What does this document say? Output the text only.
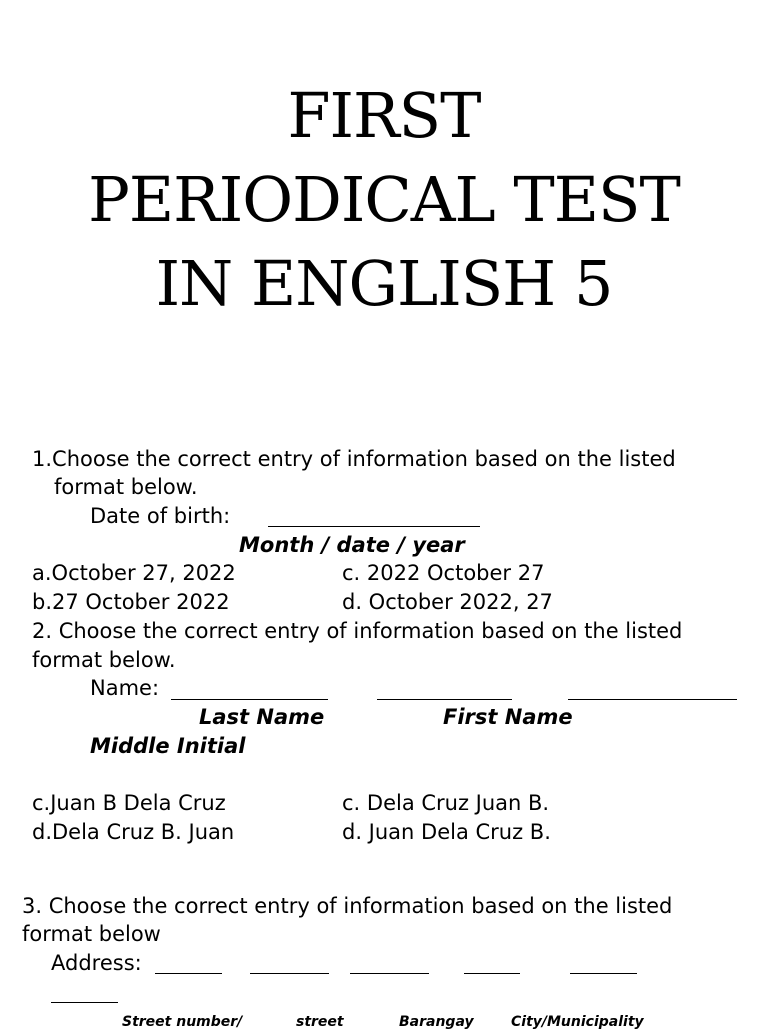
FIRST
PERIODICAL TEST
IN ENGLISH 5
1.Choose the correct entry of information based on the listed
format below.
Date of birth:
Month / date / year
a.October 27, 2022	c. 2022 October 27
b.27 October 2022	d. October 2022, 27
2. Choose the correct entry of information based on the listed
format below.
Name:
Last Name	First Name
Middle Initial
c.Juan B Dela Cruz	c. Dela Cruz Juan B.
d.Dela Cruz B. Juan	d. Juan Dela Cruz B.
3. Choose the correct entry of information based on the listed
format below
Address:
Street number/	street	Barangay	City/Municipality
